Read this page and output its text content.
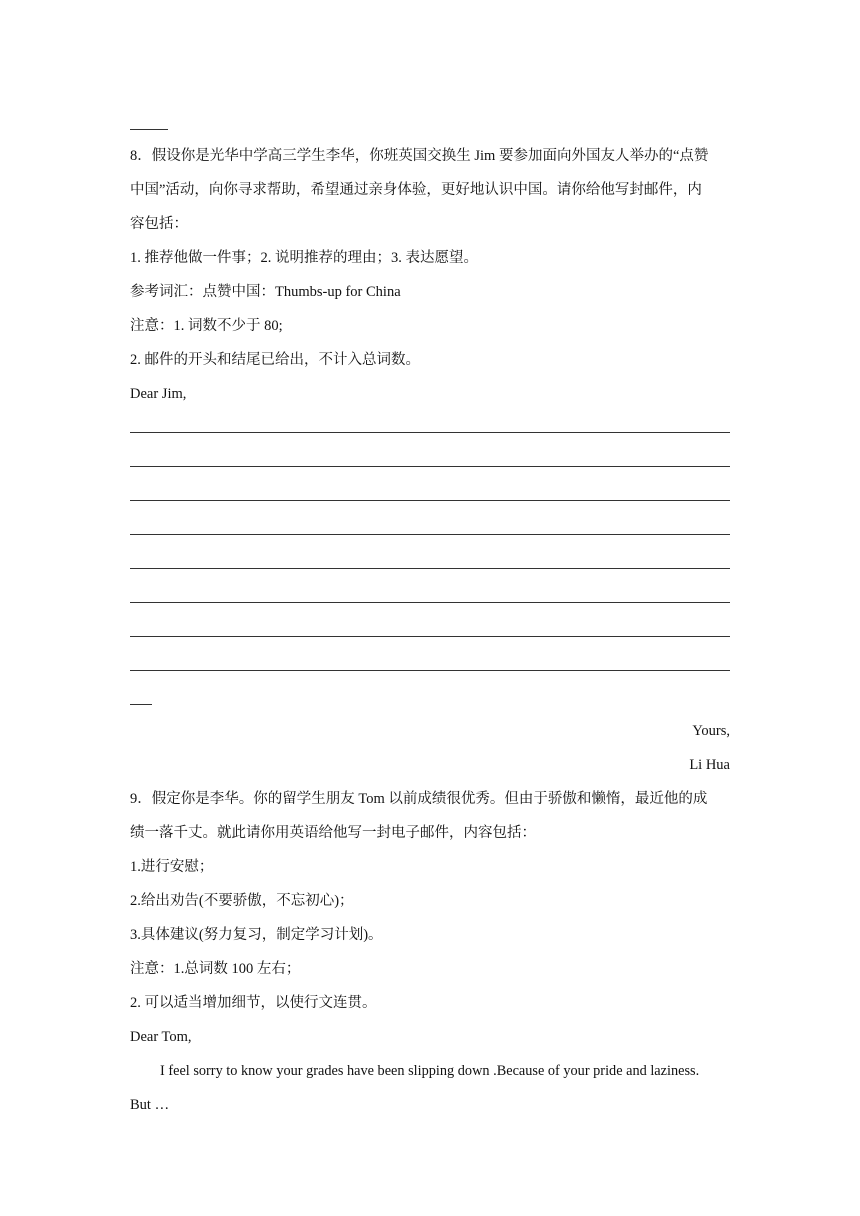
8．假设你是光华中学高三学生李华，你班英国交换生 Jim 要参加面向外国友人举办的“点赞
中国”活动，向你寻求帮助，希望通过亲身体验，更好地认识中国。请你给他写封邮件，内
容包括：
1. 推荐他做一件事；2. 说明推荐的理由；3. 表达愿望。
参考词汇：点赞中国：Thumbs-up for China
注意：1. 词数不少于 80;
2. 邮件的开头和结尾已给出，不计入总词数。
Dear Jim,
Yours,
Li Hua
9．假定你是李华。你的留学生朋友 Tom 以前成绩很优秀。但由于骄傲和懒惰，最近他的成
绩一落千丈。就此请你用英语给他写一封电子邮件，内容包括：
1.进行安慰；
2.给出劝告(不要骄傲，不忘初心)；
3.具体建议(努力复习，制定学习计划)。
注意：1.总词数 100 左右；
2. 可以适当增加细节，以使行文连贯。
Dear Tom,
I feel sorry to know your grades have been slipping down .Because of your pride and laziness.
But …
